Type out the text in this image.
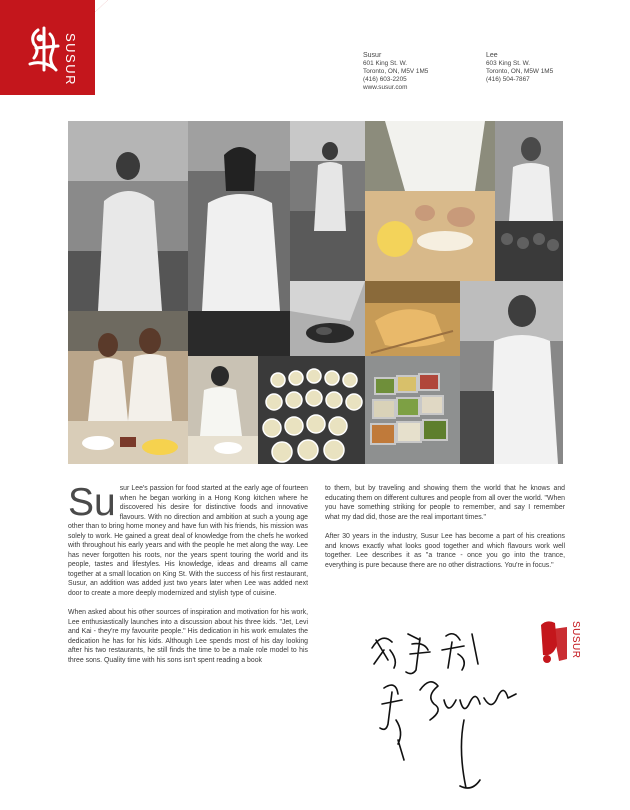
SUSUR	Susur
601 King St. W.
Toronto, ON, M5V 1M5
(416) 603-2205
www.susur.com
Lee
603 King St. W.
Toronto, ON, M5W 1M5
(416) 504-7867

Su sur Lee's passion for food started at the early age of fourteen when he began working in a Hong Kong kitchen where he discovered his desire for distinctive foods and innovative flavours. With no direction and ambition at such a young age other than to bring home money and have fun with his friends, his mission was solely to work. He gained a great deal of knowledge from the chefs he worked with throughout his early years and with the people he met along the way. Lee has never forgotten his roots, nor the years spent touring the world and its people, tastes and lifestyles. His knowledge, ideas and dreams all came together at a small location on King St. With the success of his first restaurant, Susur, an addition was added just two years later when Lee was added next door to create a more deeply modernized and stylish type of cuisine.

When asked about his other sources of inspiration and motivation for his work, Lee enthusiastically launches into a discussion about his three kids. "Jet, Levi and Kai - they're my favourite people." His dedication in his work emulates the dedication he has for his kids. Although Lee spends most of his day looking after his two restaurants, he still finds the time to be a male role model to his three sons. Quality time with his sons isn't spent reading a book

to them, but by traveling and showing them the world that he knows and educating them on different cultures and people from all over the world. "When you have something striking for people to remember, and say I remember what my dad did, those are the real important times."

After 30 years in the industry, Susur Lee has become a part of his creations and knows exactly what looks good together and which flavours work well together. Lee describes it as "a trance - once you go into the trance, everything is pure because there are no other distractions. You're in focus."

SUSUR
